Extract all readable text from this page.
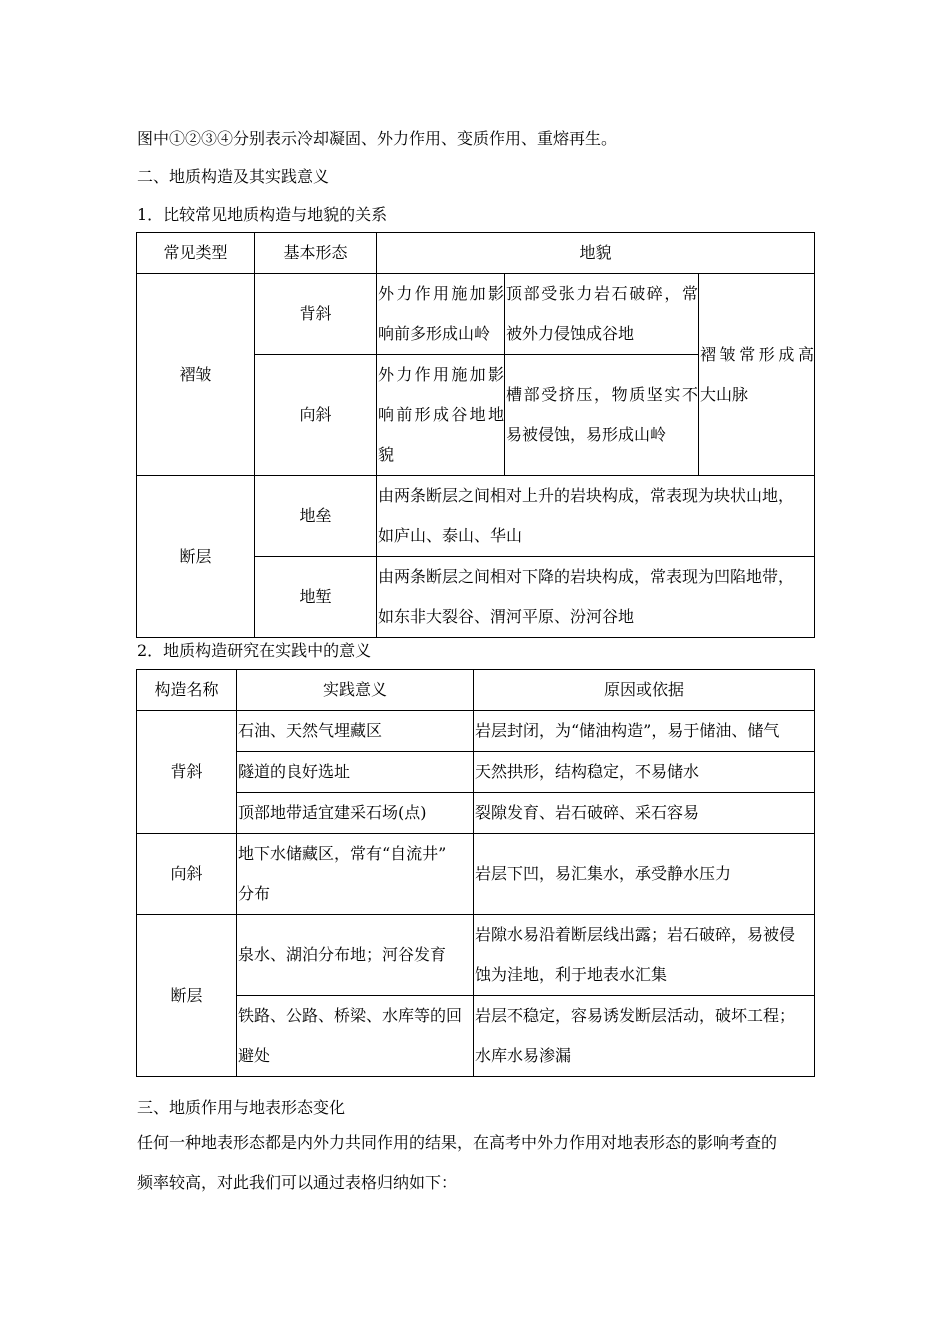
图中①②③④分别表示冷却凝固、外力作用、变质作用、重熔再生。
二、地质构造及其实践意义
1．比较常见地质构造与地貌的关系
常见类型	基本形态	地貌		
褶皱	背斜	外力作用施加影
响前多形成山岭	顶部受张力岩石破碎，常
被外力侵蚀成谷地	褶皱常形成高
大山脉

	向斜	外力作用施加影
响前形成谷地地
貌	槽部受挤压，物质坚实不
易被侵蚀，易形成山岭	

断层	地垒	由两条断层之间相对上升的岩块构成，常表现为块状山地，
如庐山、泰山、华山		

	地堑	由两条断层之间相对下降的岩块构成，常表现为凹陷地带，
如东非大裂谷、渭河平原、汾河谷地		
2．地质构造研究在实践中的意义
构造名称	实践意义	原因或依据
背斜	石油、天然气埋藏区	岩层封闭，为“储油构造”，易于储油、储气
	隧道的良好选址	天然拱形，结构稳定，不易储水
	顶部地带适宜建采石场(点)	裂隙发育、岩石破碎、采石容易
向斜	地下水储藏区，常有“自流井”
分布	岩层下凹，易汇集水，承受静水压力
断层	泉水、湖泊分布地；河谷发育	岩隙水易沿着断层线出露；岩石破碎，易被侵
蚀为洼地，利于地表水汇集

	铁路、公路、桥梁、水库等的回
避处	岩层不稳定，容易诱发断层活动，破坏工程；
水库水易渗漏
三、地质作用与地表形态变化
任何一种地表形态都是内外力共同作用的结果，在高考中外力作用对地表形态的影响考查的
频率较高，对此我们可以通过表格归纳如下：
